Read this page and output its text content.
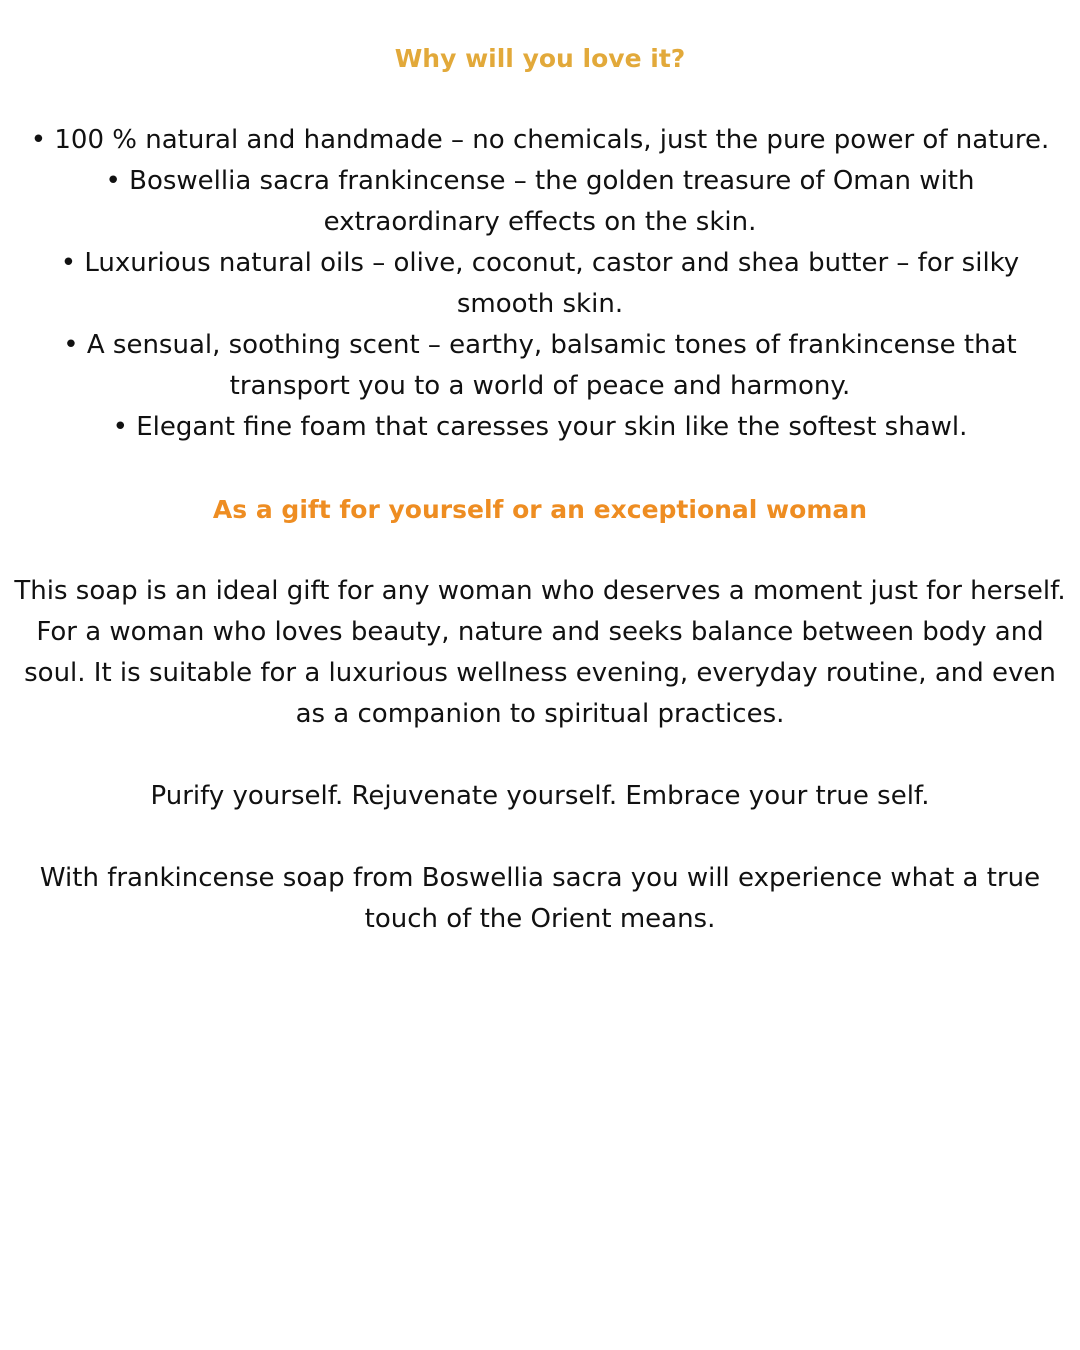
Why will you love it?
• 100 % natural and handmade – no chemicals, just the pure power of nature.
• Boswellia sacra frankincense – the golden treasure of Oman with extraordinary effects on the skin.
• Luxurious natural oils – olive, coconut, castor and shea butter – for silky smooth skin.
• A sensual, soothing scent – earthy, balsamic tones of frankincense that transport you to a world of peace and harmony.
• Elegant fine foam that caresses your skin like the softest shawl.
As a gift for yourself or an exceptional woman

This soap is an ideal gift for any woman who deserves a moment just for herself. For a woman who loves beauty, nature and seeks balance between body and soul. It is suitable for a luxurious wellness evening, everyday routine, and even as a companion to spiritual practices.

Purify yourself. Rejuvenate yourself. Embrace your true self.

With frankincense soap from Boswellia sacra you will experience what a true touch of the Orient means.
